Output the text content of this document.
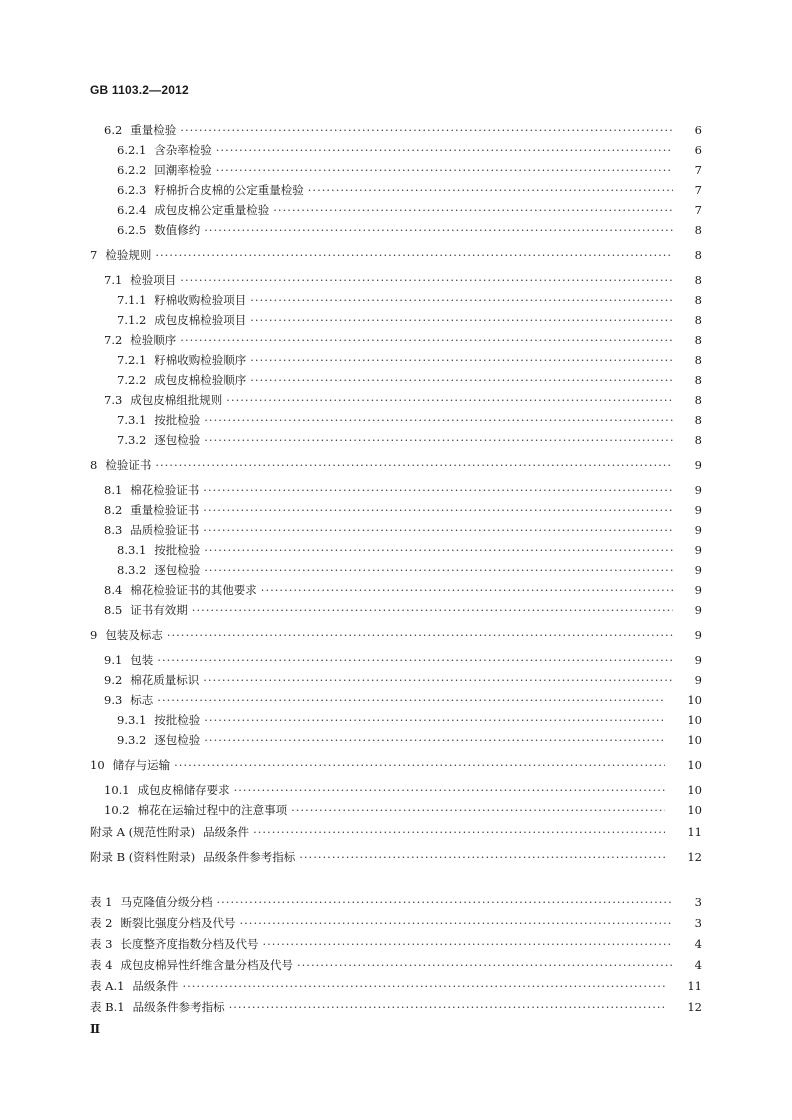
GB 1103.2—2012
Ⅱ
6.2 重量检验 ·····	6
6.2.1 含杂率检验 ·····	6
6.2.2 回潮率检验 ·····	7
6.2.3 籽棉折合皮棉的公定重量检验 ·····	7
6.2.4 成包皮棉公定重量检验 ·····	7
6.2.5 数值修约 ·····	8
7 检验规则 ·····	8
7.1 检验项目 ·····	8
7.1.1 籽棉收购检验项目 ·····	8
7.1.2 成包皮棉检验项目 ·····	8
7.2 检验顺序 ·····	8
7.2.1 籽棉收购检验顺序 ·····	8
7.2.2 成包皮棉检验顺序 ·····	8
7.3 成包皮棉组批规则 ·····	8
7.3.1 按批检验 ·····	8
7.3.2 逐包检验 ·····	8
8 检验证书 ·····	9
8.1 棉花检验证书 ·····	9
8.2 重量检验证书 ·····	9
8.3 品质检验证书 ·····	9
8.3.1 按批检验 ·····	9
8.3.2 逐包检验 ·····	9
8.4 棉花检验证书的其他要求 ·····	9
8.5 证书有效期 ·····	9
9 包装及标志 ·····	9
9.1 包装 ·····	9
9.2 棉花质量标识 ·····	9
9.3 标志 ·····	10
9.3.1 按批检验 ·····	10
9.3.2 逐包检验 ·····	10
10 储存与运输 ·····	10
10.1 成包皮棉储存要求 ·····	10
10.2 棉花在运输过程中的注意事项 ·····	10
附录 A (规范性附录) 品级条件 ·····	11
附录 B (资料性附录) 品级条件参考指标 ·····	12
表 1 马克隆值分级分档 ·····	3
表 2 断裂比强度分档及代号 ·····	3
表 3 长度整齐度指数分档及代号 ·····	4
表 4 成包皮棉异性纤维含量分档及代号 ·····	4
表 A.1 品级条件 ·····	11
表 B.1 品级条件参考指标 ·····	12
